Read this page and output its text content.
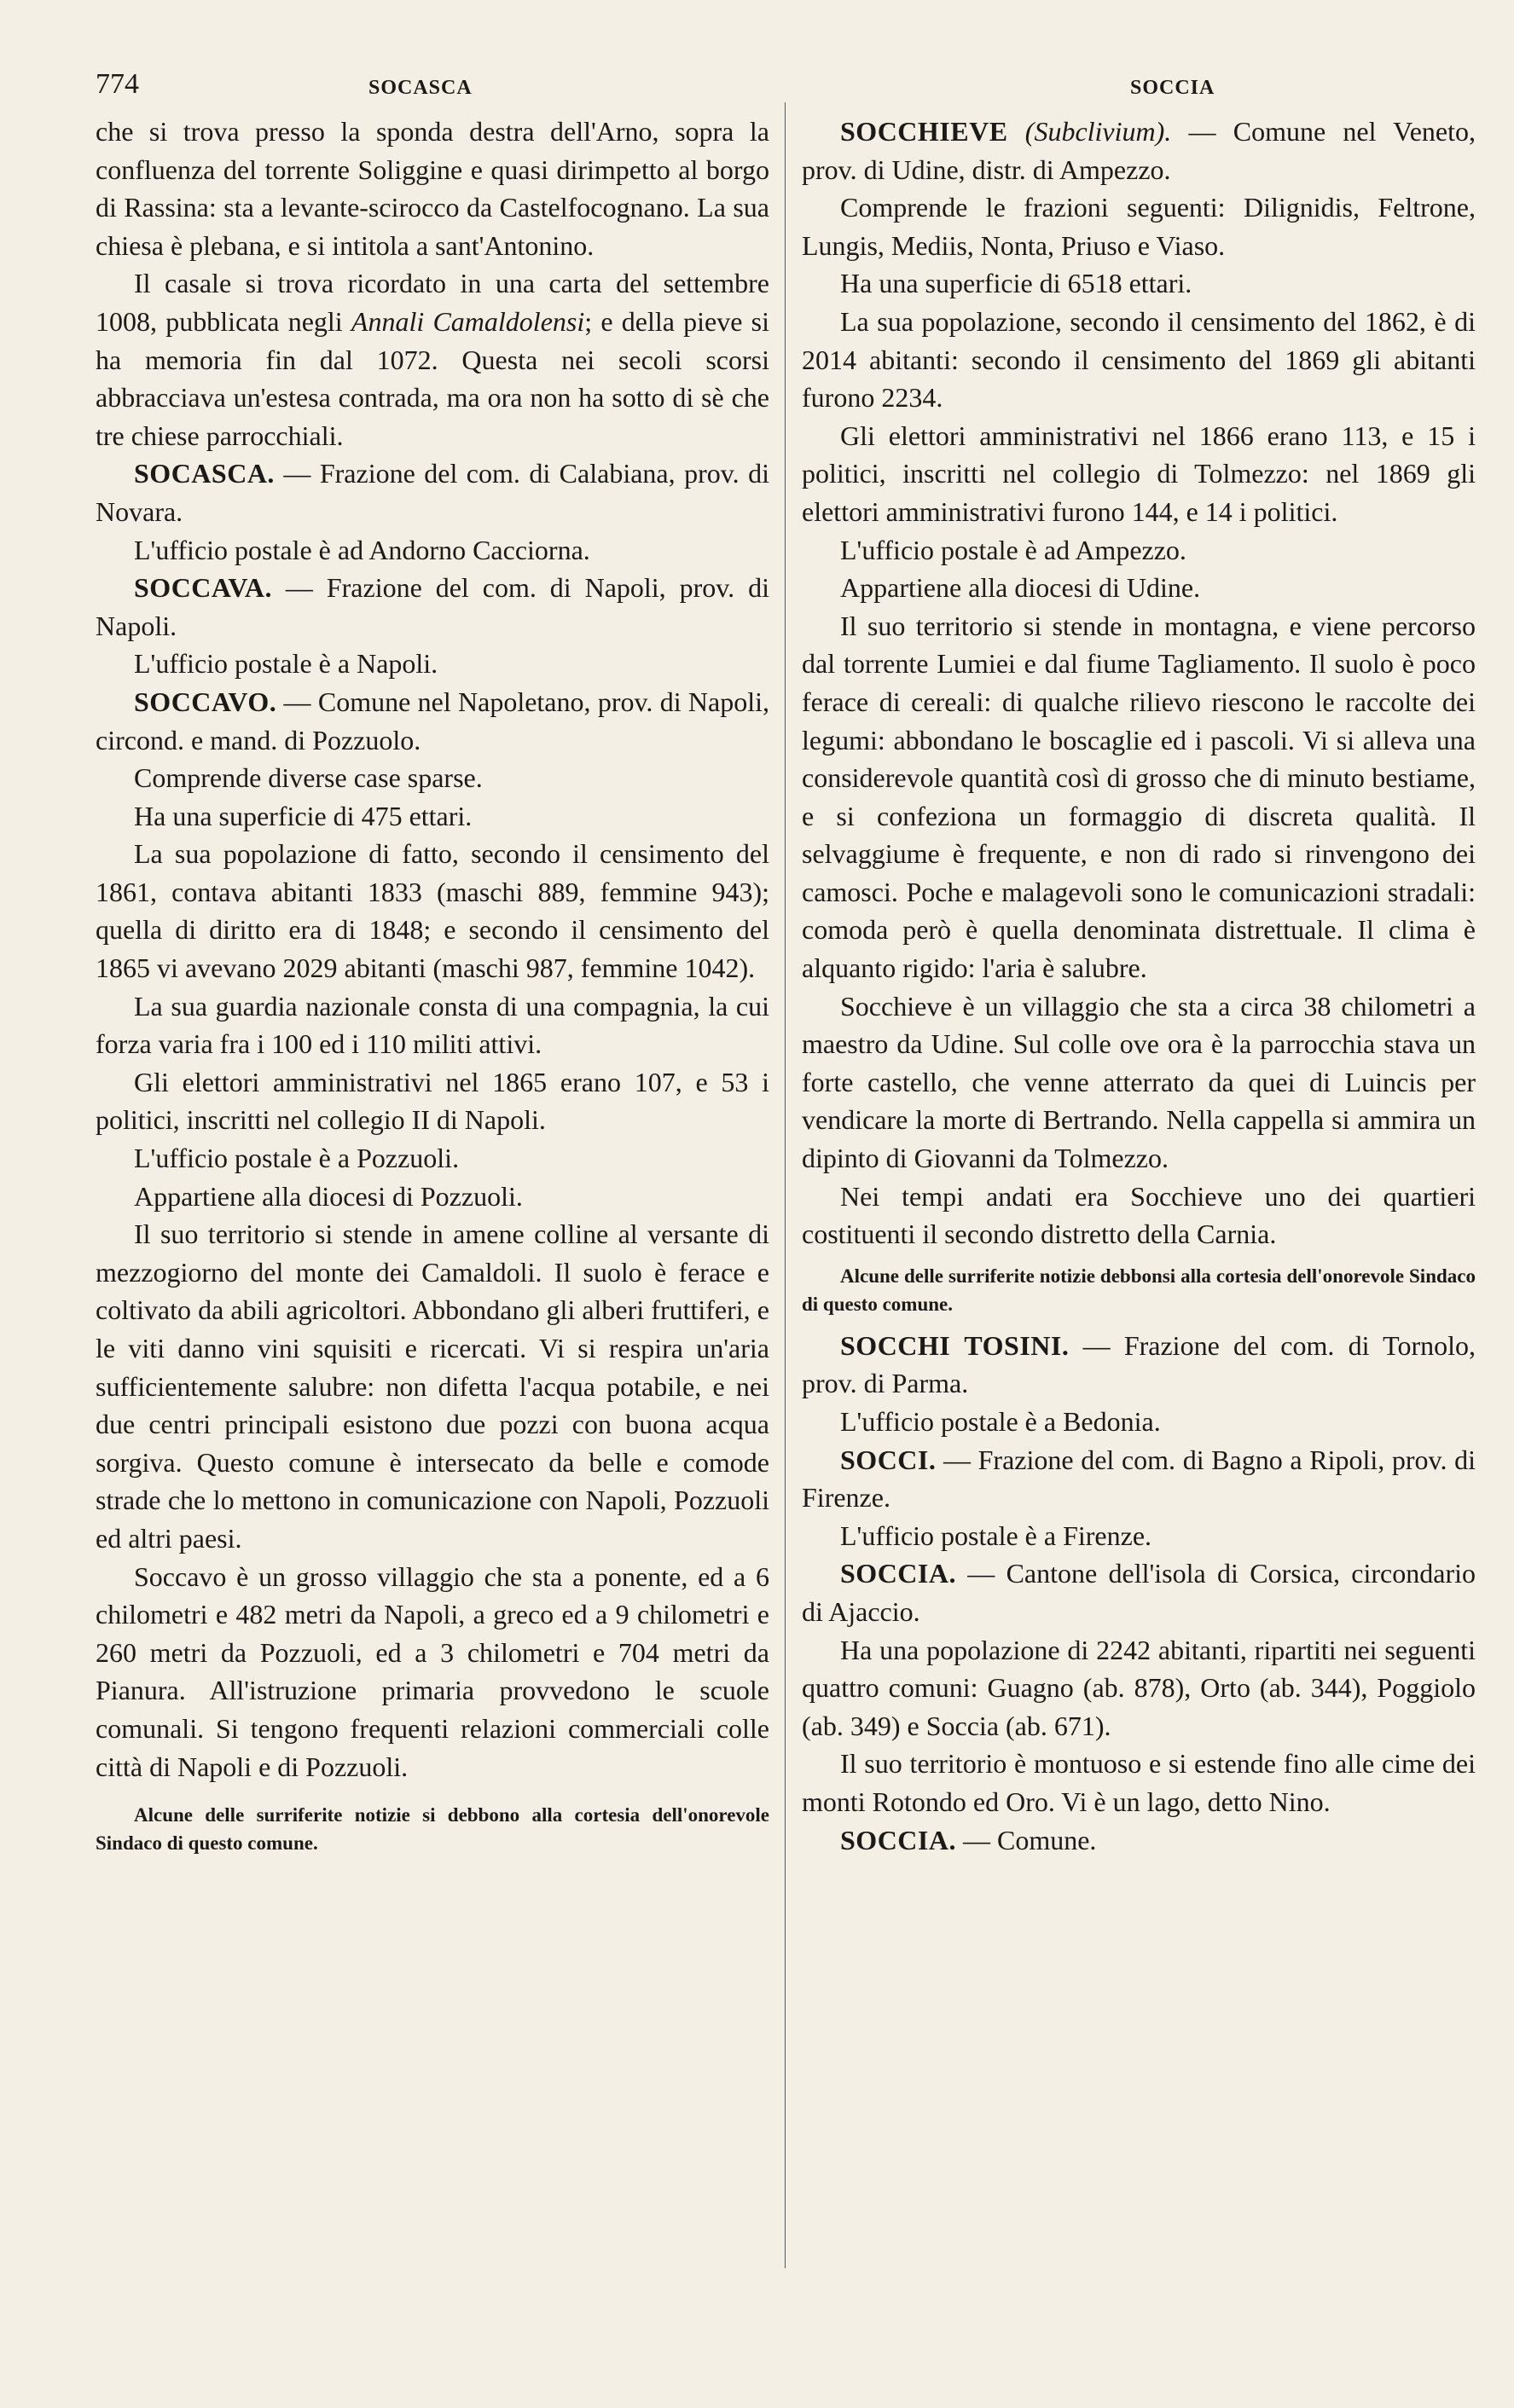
774	SOCASCA	SOCCIA

che si trova presso la sponda destra dell'Arno, sopra la confluenza del torrente Soliggine e quasi dirimpetto al borgo di Rassina: sta a levante-scirocco da Castelfocognano. La sua chiesa è plebana, e si intitola a sant'Antonino.

Il casale si trova ricordato in una carta del settembre 1008, pubblicata negli Annali Camaldolensi; e della pieve si ha memoria fin dal 1072. Questa nei secoli scorsi abbracciava un'estesa contrada, ma ora non ha sotto di sè che tre chiese parrocchiali.

SOCASCA. — Frazione del com. di Calabiana, prov. di Novara.

L'ufficio postale è ad Andorno Cacciorna.

SOCCAVA. — Frazione del com. di Napoli, prov. di Napoli.

L'ufficio postale è a Napoli.

SOCCAVO. — Comune nel Napoletano, prov. di Napoli, circond. e mand. di Pozzuolo.

Comprende diverse case sparse.

Ha una superficie di 475 ettari.

La sua popolazione di fatto, secondo il censimento del 1861, contava abitanti 1833 (maschi 889, femmine 943); quella di diritto era di 1848; e secondo il censimento del 1865 vi avevano 2029 abitanti (maschi 987, femmine 1042).

La sua guardia nazionale consta di una compagnia, la cui forza varia fra i 100 ed i 110 militi attivi.

Gli elettori amministrativi nel 1865 erano 107, e 53 i politici, inscritti nel collegio II di Napoli.

L'ufficio postale è a Pozzuoli.

Appartiene alla diocesi di Pozzuoli.

Il suo territorio si stende in amene colline al versante di mezzogiorno del monte dei Camaldoli. Il suolo è ferace e coltivato da abili agricoltori. Abbondano gli alberi fruttiferi, e le viti danno vini squisiti e ricercati. Vi si respira un'aria sufficientemente salubre: non difetta l'acqua potabile, e nei due centri principali esistono due pozzi con buona acqua sorgiva. Questo comune è intersecato da belle e comode strade che lo mettono in comunicazione con Napoli, Pozzuoli ed altri paesi.

Soccavo è un grosso villaggio che sta a ponente, ed a 6 chilometri e 482 metri da Napoli, a greco ed a 9 chilometri e 260 metri da Pozzuoli, ed a 3 chilometri e 704 metri da Pianura. All'istruzione primaria provvedono le scuole comunali. Si tengono frequenti relazioni commerciali colle città di Napoli e di Pozzuoli.

Alcune delle surriferite notizie si debbono alla cortesia dell'onorevole Sindaco di questo comune.

SOCCHIEVE (Subclivium). — Comune nel Veneto, prov. di Udine, distr. di Ampezzo.

Comprende le frazioni seguenti: Dilignidis, Feltrone, Lungis, Mediis, Nonta, Priuso e Viaso.

Ha una superficie di 6518 ettari.

La sua popolazione, secondo il censimento del 1862, è di 2014 abitanti: secondo il censimento del 1869 gli abitanti furono 2234.

Gli elettori amministrativi nel 1866 erano 113, e 15 i politici, inscritti nel collegio di Tolmezzo: nel 1869 gli elettori amministrativi furono 144, e 14 i politici.

L'ufficio postale è ad Ampezzo.

Appartiene alla diocesi di Udine.

Il suo territorio si stende in montagna, e viene percorso dal torrente Lumiei e dal fiume Tagliamento. Il suolo è poco ferace di cereali: di qualche rilievo riescono le raccolte dei legumi: abbondano le boscaglie ed i pascoli. Vi si alleva una considerevole quantità così di grosso che di minuto bestiame, e si confeziona un formaggio di discreta qualità. Il selvaggiume è frequente, e non di rado si rinvengono dei camosci. Poche e malagevoli sono le comunicazioni stradali: comoda però è quella denominata distrettuale. Il clima è alquanto rigido: l'aria è salubre.

Socchieve è un villaggio che sta a circa 38 chilometri a maestro da Udine. Sul colle ove ora è la parrocchia stava un forte castello, che venne atterrato da quei di Luincis per vendicare la morte di Bertrando. Nella cappella si ammira un dipinto di Giovanni da Tolmezzo.

Nei tempi andati era Socchieve uno dei quartieri costituenti il secondo distretto della Carnia.

Alcune delle surriferite notizie debbonsi alla cortesia dell'onorevole Sindaco di questo comune.

SOCCHI TOSINI. — Frazione del com. di Tornolo, prov. di Parma.

L'ufficio postale è a Bedonia.

SOCCI. — Frazione del com. di Bagno a Ripoli, prov. di Firenze.

L'ufficio postale è a Firenze.

SOCCIA. — Cantone dell'isola di Corsica, circondario di Ajaccio.

Ha una popolazione di 2242 abitanti, ripartiti nei seguenti quattro comuni: Guagno (ab. 878), Orto (ab. 344), Poggiolo (ab. 349) e Soccia (ab. 671).

Il suo territorio è montuoso e si estende fino alle cime dei monti Rotondo ed Oro. Vi è un lago, detto Nino.

SOCCIA. — Comune.
